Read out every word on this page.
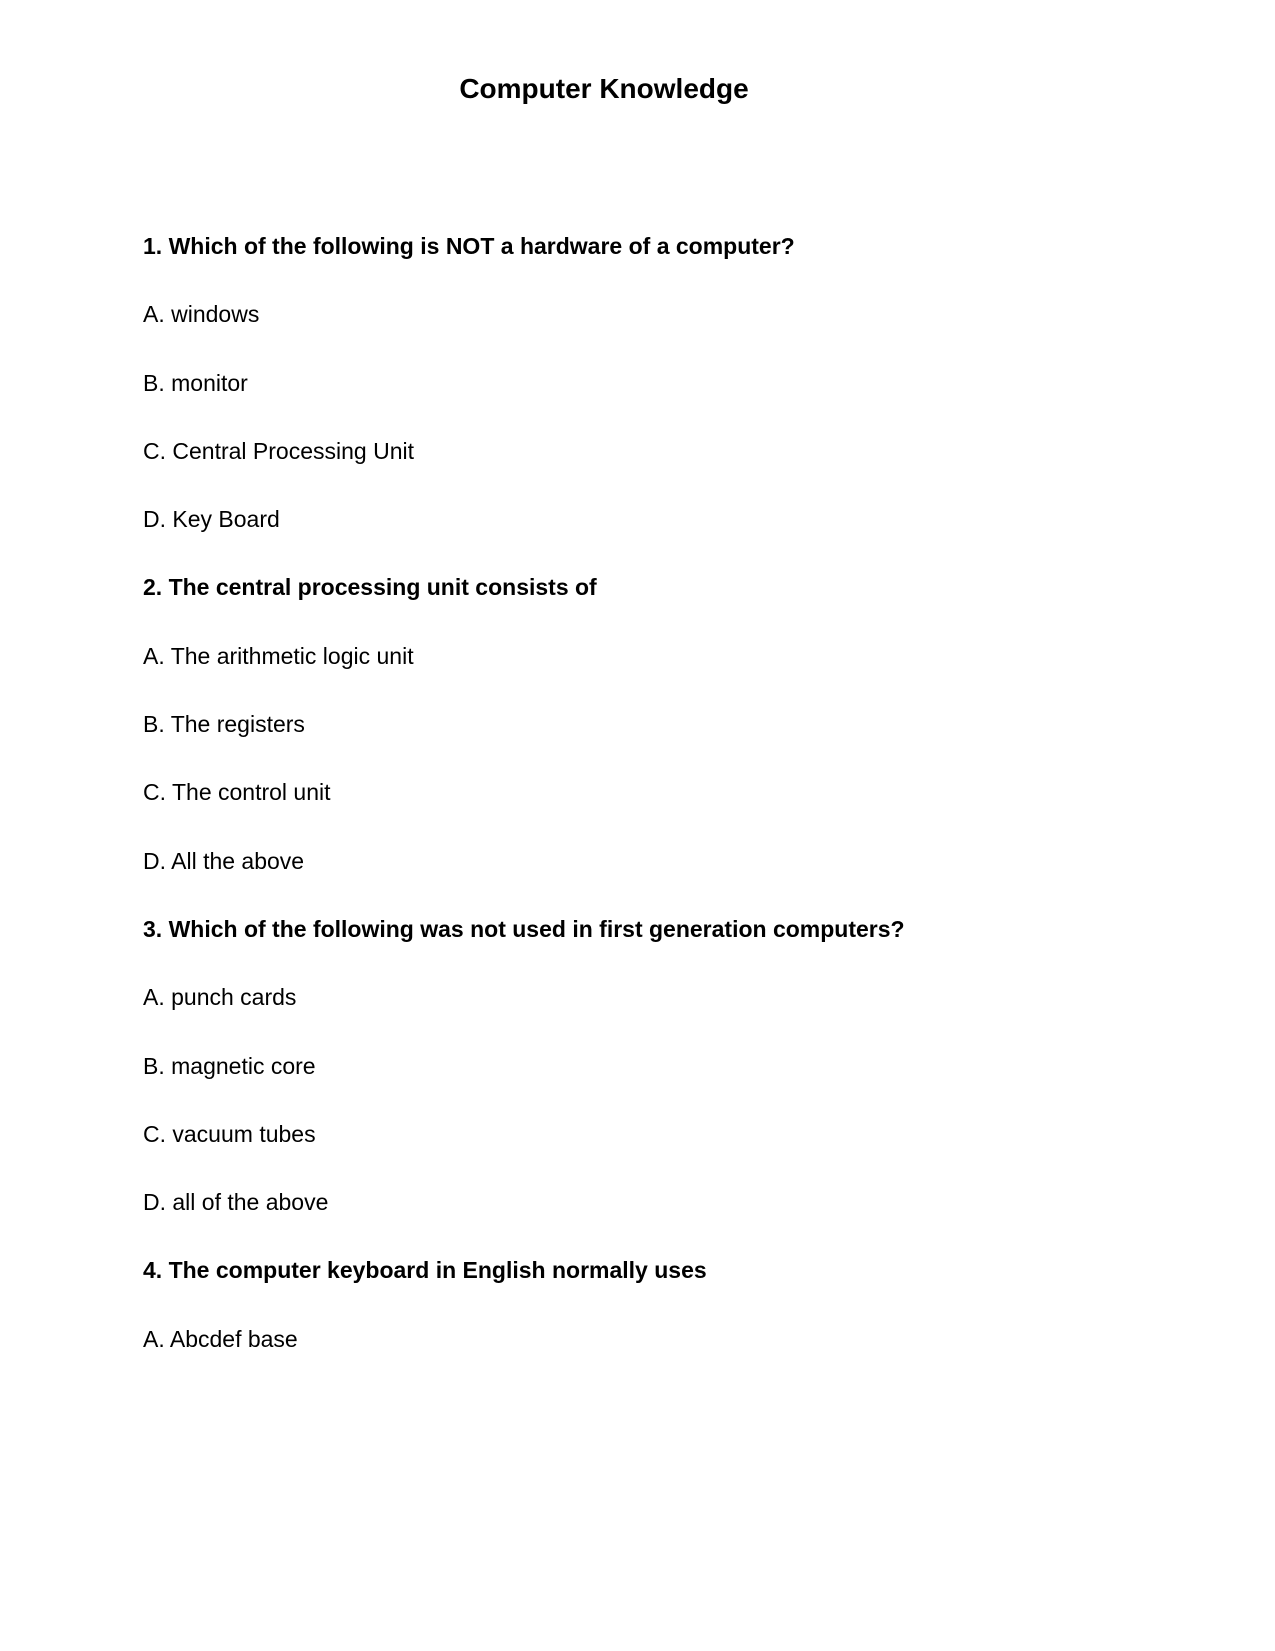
Computer Knowledge
1. Which of the following is NOT a hardware of a computer?
A. windows
B. monitor
C. Central Processing Unit
D. Key Board
2. The central processing unit consists of
A. The arithmetic logic unit
B. The registers
C. The control unit
D. All the above
3. Which of the following was not used in first generation computers?
A. punch cards
B. magnetic core
C. vacuum tubes
D. all of the above
4. The computer keyboard in English normally uses
A. Abcdef base
